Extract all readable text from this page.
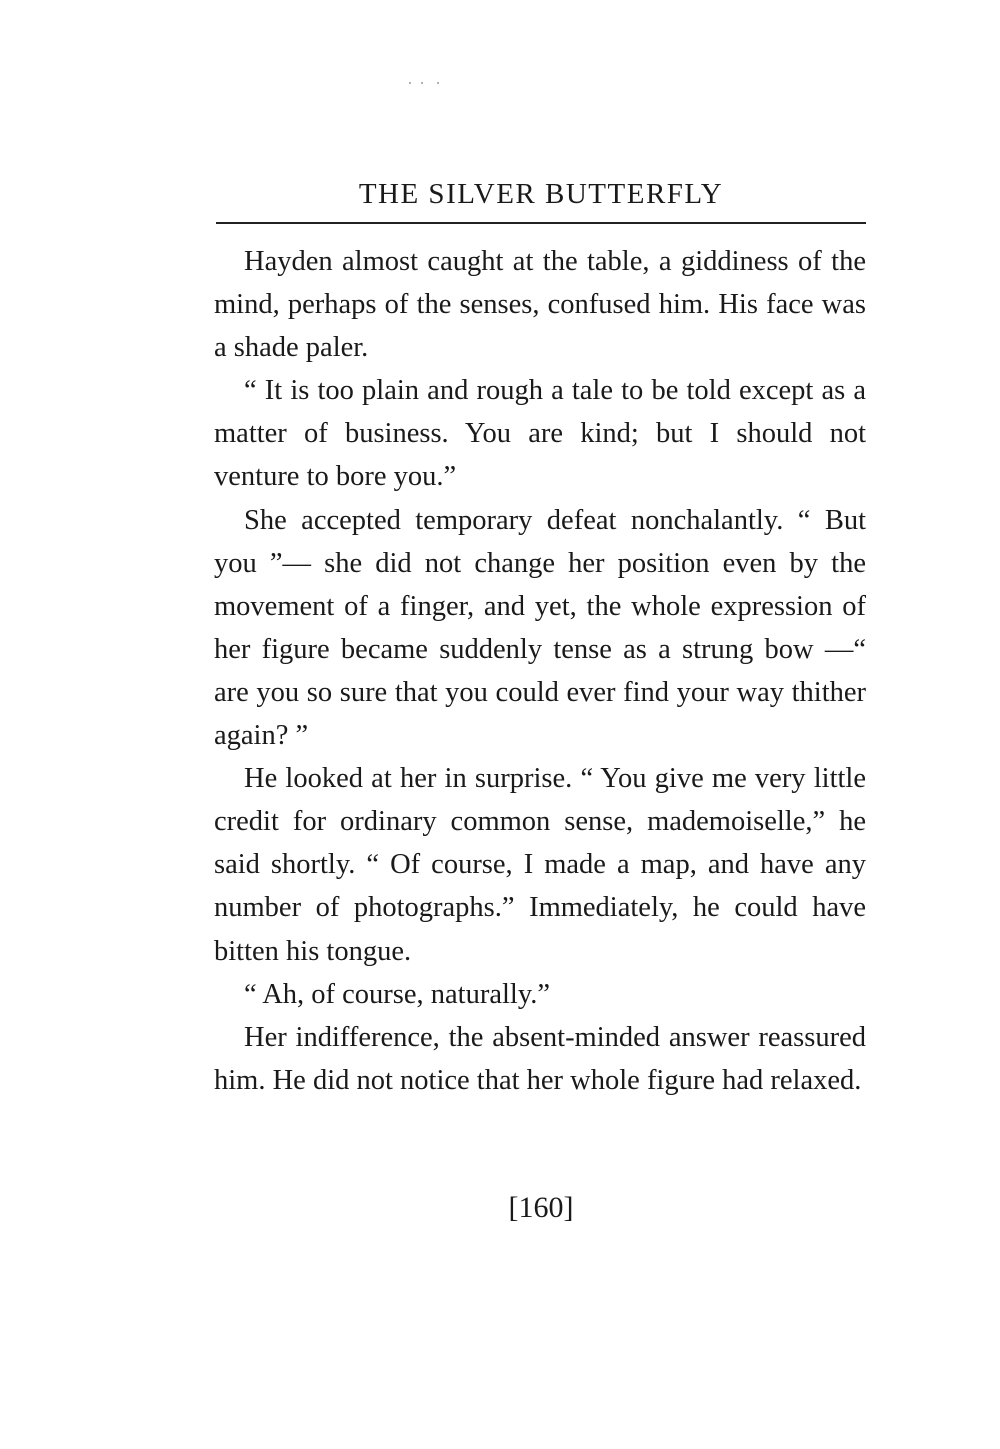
THE SILVER BUTTERFLY

Hayden almost caught at the table, a giddiness of the mind, perhaps of the senses, confused him. His face was a shade paler.

“ It is too plain and rough a tale to be told except as a matter of business. You are kind; but I should not venture to bore you.”

She accepted temporary defeat nonchalantly. “ But you ”— she did not change her position even by the movement of a finger, and yet, the whole expression of her figure became suddenly tense as a strung bow —“ are you so sure that you could ever find your way thither again? ”

He looked at her in surprise. “ You give me very little credit for ordinary common sense, mademoiselle,” he said shortly. “ Of course, I made a map, and have any number of photographs.” Immediately, he could have bitten his tongue.

“ Ah, of course, naturally.”

Her indifference, the absent-minded answer reassured him. He did not notice that her whole figure had relaxed.

[160]
